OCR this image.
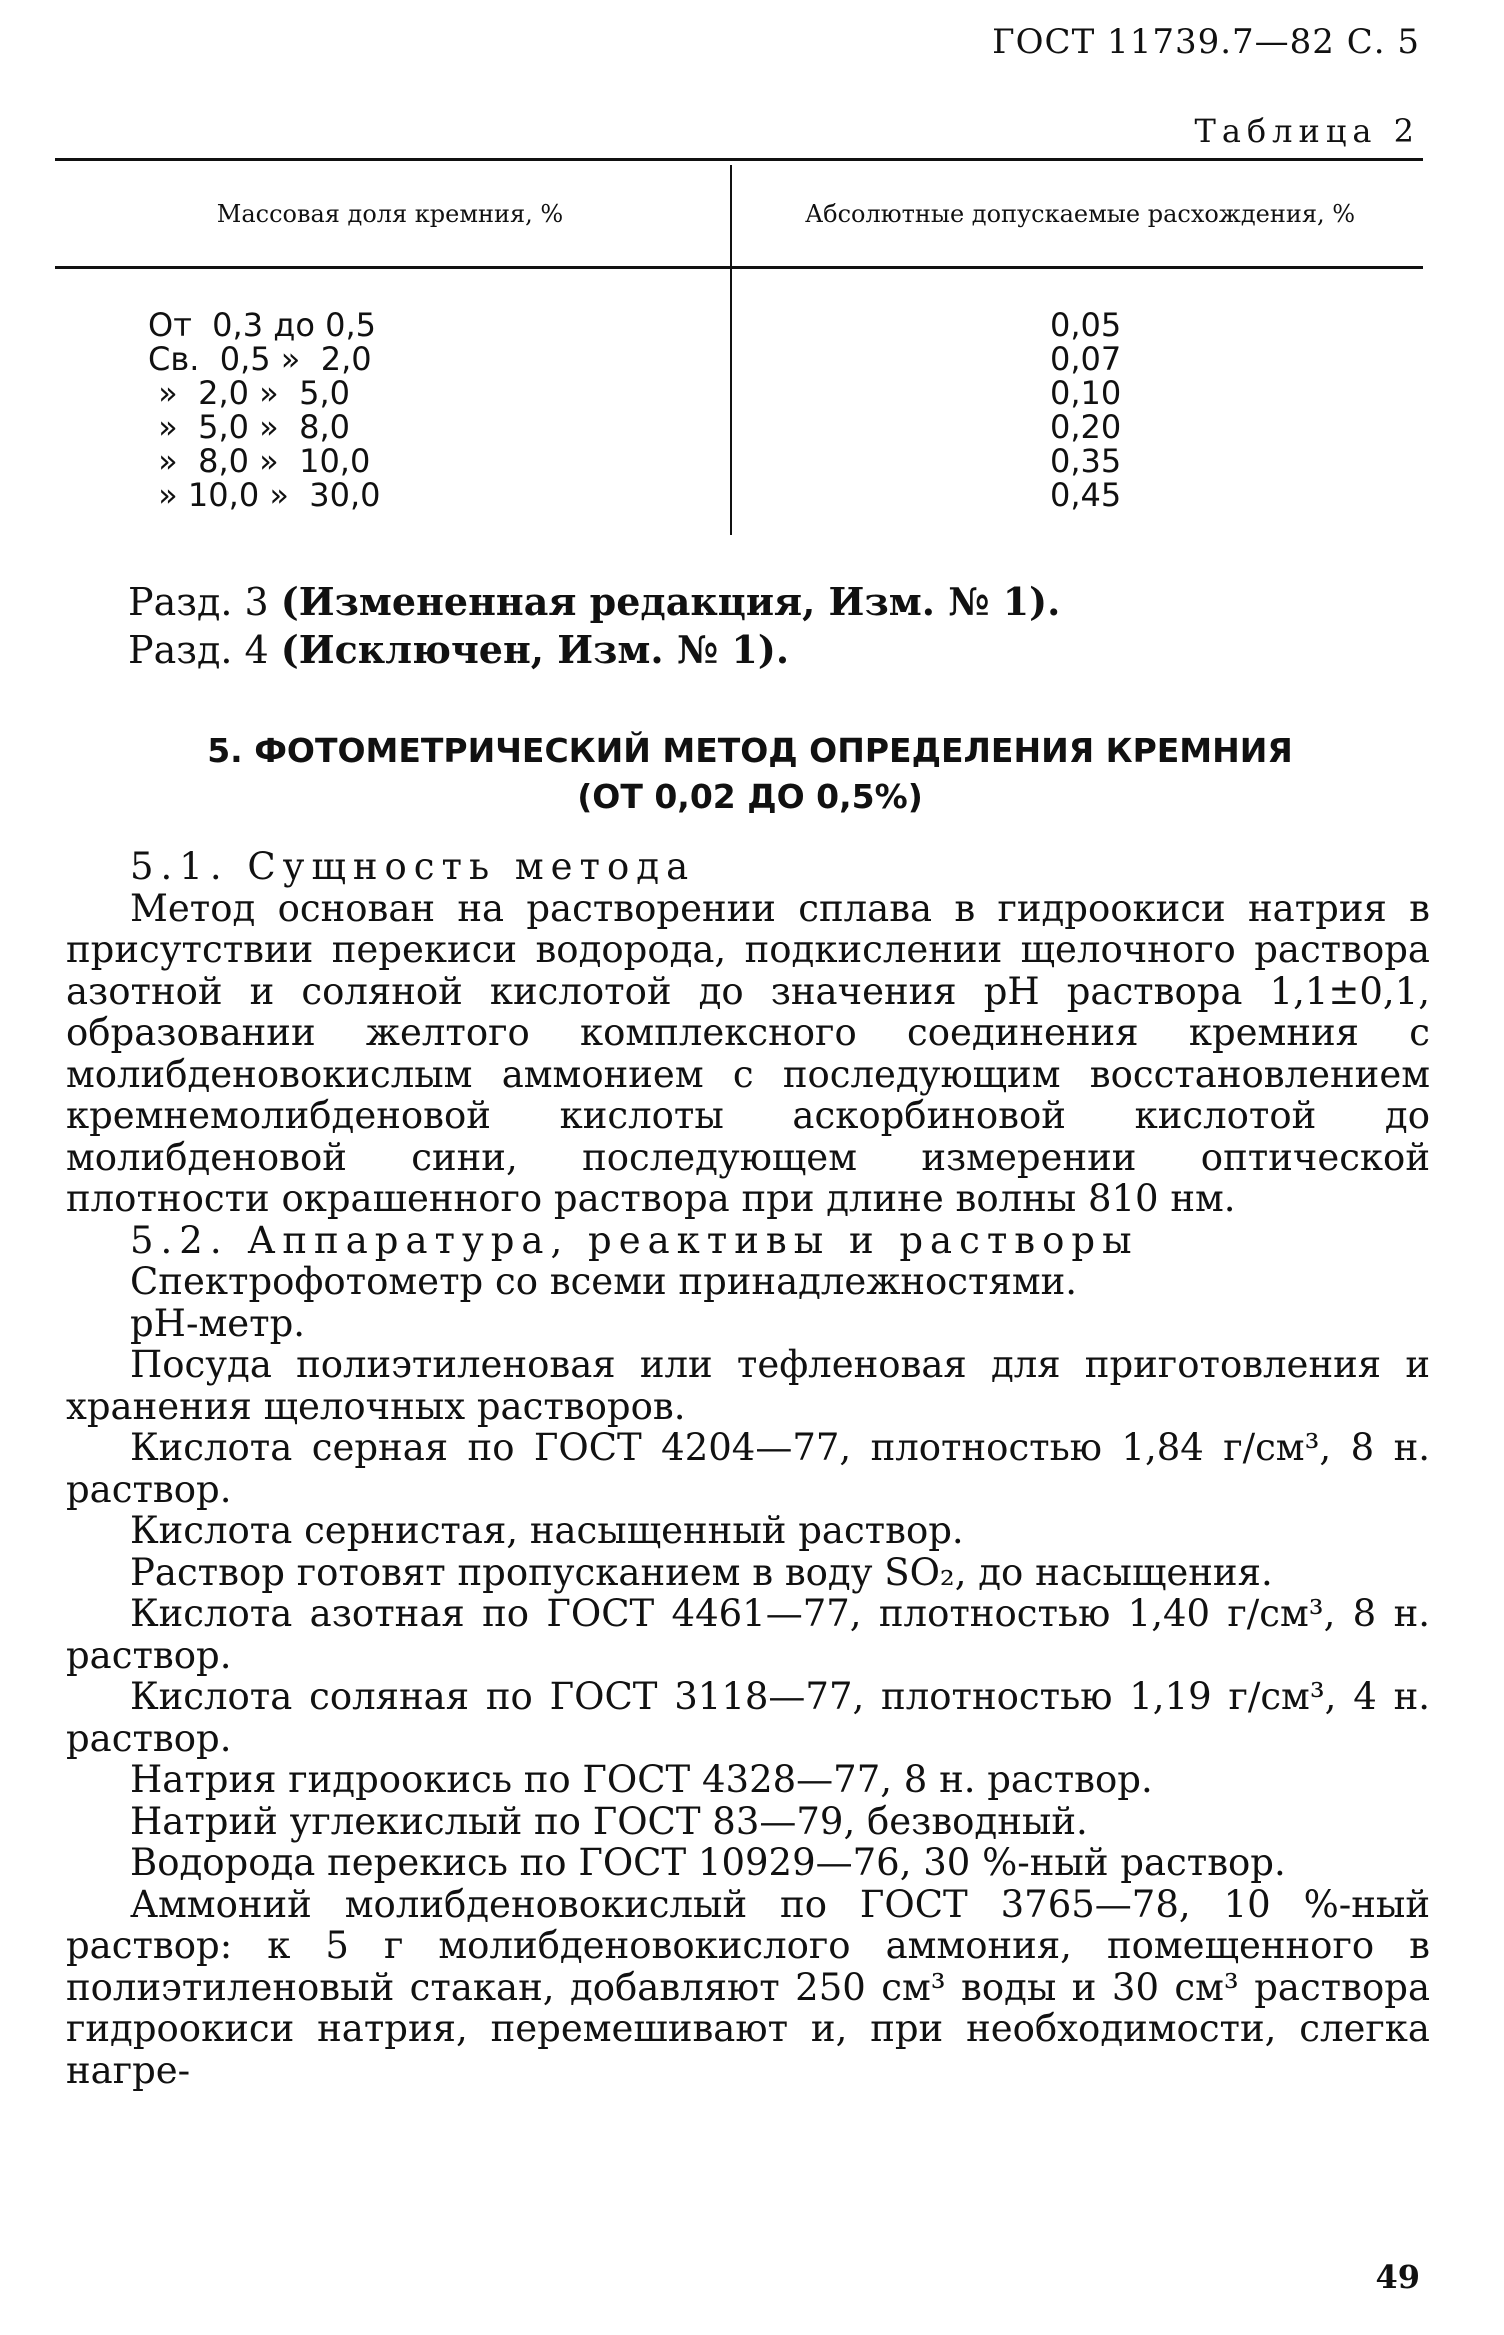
ГОСТ 11739.7—82 С. 5
Таблица 2
Массовая доля кремния, %	Абсолютные допускаемые расхождения, %
От  0,3 до 0,5
Св.  0,5 »  2,0
»  2,0 »  5,0
»  5,0 »  8,0
»  8,0 »  10,0
» 10,0 »  30,0
0,05
0,07
0,10
0,20
0,35
0,45
Разд. 3 (Измененная редакция, Изм. № 1).
Разд. 4 (Исключен, Изм. № 1).
5. ФОТОМЕТРИЧЕСКИЙ МЕТОД ОПРЕДЕЛЕНИЯ КРЕМНИЯ
(ОТ 0,02 ДО 0,5%)

5.1. Сущность метода

Метод основан на растворении сплава в гидроокиси натрия в присутствии перекиси водорода, подкислении щелочного раствора азотной и соляной кислотой до значения pH раствора 1,1±0,1, образовании желтого комплексного соединения кремния с молибденовокислым аммонием с последующим восстановлением кремнемолибденовой кислоты аскорбиновой кислотой до молибденовой сини, последующем измерении оптической плотности окрашенного раствора при длине волны 810 нм.

5.2. Аппаратура, реактивы и растворы

Спектрофотометр со всеми принадлежностями.

pH-метр.

Посуда полиэтиленовая или тефленовая для приготовления и хранения щелочных растворов.

Кислота серная по ГОСТ 4204—77, плотностью 1,84 г/см³, 8 н. раствор.

Кислота сернистая, насыщенный раствор.

Раствор готовят пропусканием в воду SO₂, до насыщения.

Кислота азотная по ГОСТ 4461—77, плотностью 1,40 г/см³, 8 н. раствор.

Кислота соляная по ГОСТ 3118—77, плотностью 1,19 г/см³, 4 н. раствор.

Натрия гидроокись по ГОСТ 4328—77, 8 н. раствор.

Натрий углекислый по ГОСТ 83—79, безводный.

Водорода перекись по ГОСТ 10929—76, 30 %-ный раствор.

Аммоний молибденовокислый по ГОСТ 3765—78, 10 %-ный раствор: к 5 г молибденовокислого аммония, помещенного в полиэтиленовый стакан, добавляют 250 см³ воды и 30 см³ раствора гидроокиси натрия, перемешивают и, при необходимости, слегка нагре-

49
